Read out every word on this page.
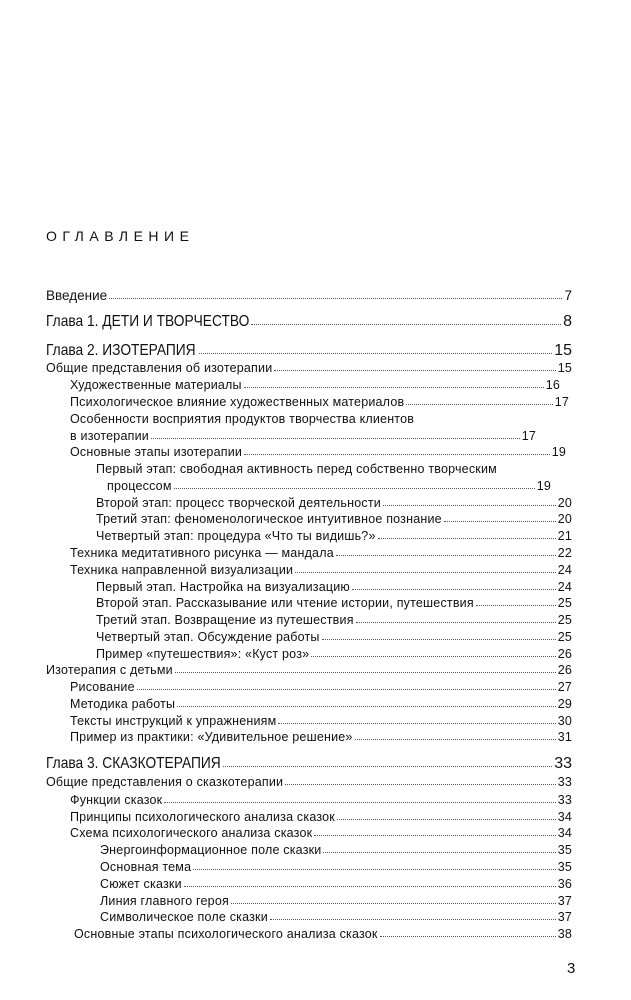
ОГЛАВЛЕНИЕ
Введение	7
Глава 1. ДЕТИ И ТВОРЧЕСТВО	8
Глава 2. ИЗОТЕРАПИЯ	15
Общие представления об изотерапии	15
Художественные материалы	16
Психологическое влияние художественных материалов	17
Особенности восприятия продуктов творчества клиентов
в изотерапии	17
Основные этапы изотерапии	19
Первый этап: свободная активность перед собственно творческим
процессом	19
Второй этап: процесс творческой деятельности	20
Третий этап: феноменологическое интуитивное познание	20
Четвертый этап: процедура «Что ты видишь?»	21
Техника медитативного рисунка — мандала	22
Техника направленной визуализации	24
Первый этап. Настройка на визуализацию	24
Второй этап. Рассказывание или чтение истории, путешествия	25
Третий этап. Возвращение из путешествия	25
Четвертый этап. Обсуждение работы	25
Пример «путешествия»: «Куст роз»	26
Изотерапия с детьми	26
Рисование	27
Методика работы	29
Тексты инструкций к упражнениям	30
Пример из практики: «Удивительное решение»	31
Глава 3. СКАЗКОТЕРАПИЯ	33
Общие представления о сказкотерапии	33
Функции сказок	33
Принципы психологического анализа сказок	34
Схема психологического анализа сказок	34
Энергоинформационное поле сказки	35
Основная тема	35
Сюжет сказки	36
Линия главного героя	37
Символическое поле сказки	37
Основные этапы психологического анализа сказок	38
3
